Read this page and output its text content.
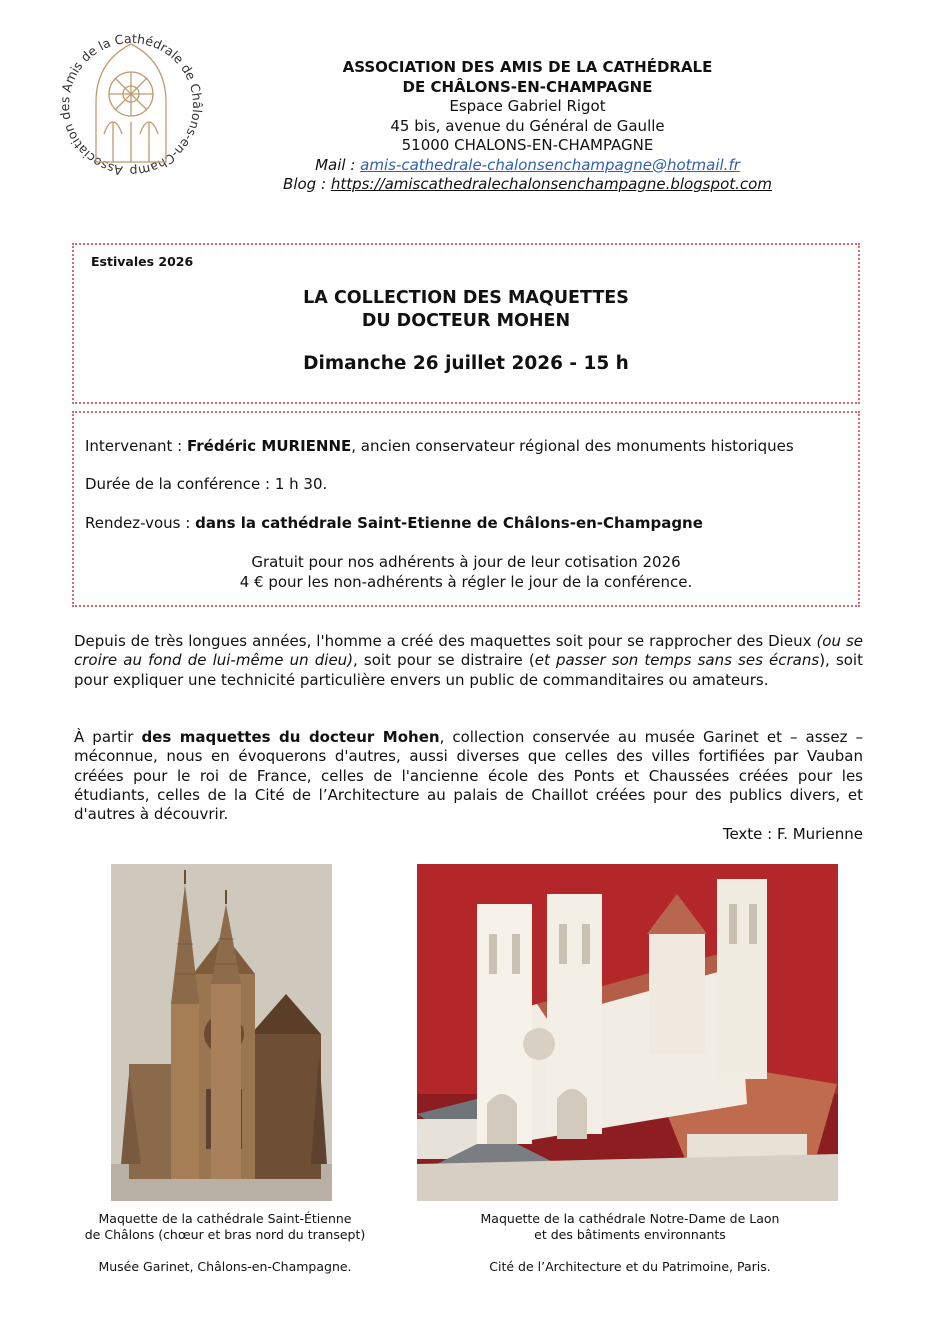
Association des Amis de la Cathédrale de Châlons-en-Champ
ASSOCIATION DES AMIS DE LA CATHÉDRALE
DE CHÂLONS-EN-CHAMPAGNE
Espace Gabriel Rigot
45 bis, avenue du Général de Gaulle
51000 CHALONS-EN-CHAMPAGNE
Mail : amis-cathedrale-chalonsenchampagne@hotmail.fr
Blog : https://amiscathedralechalonsenchampagne.blogspot.com
Estivales 2026
LA COLLECTION DES MAQUETTES
DU DOCTEUR MOHEN
Dimanche 26 juillet 2026 - 15 h
Intervenant : Frédéric MURIENNE, ancien conservateur régional des monuments historiques
Durée de la conférence : 1 h 30.
Rendez-vous : dans la cathédrale Saint-Etienne de Châlons-en-Champagne
Gratuit pour nos adhérents à jour de leur cotisation 2026
4 € pour les non-adhérents à régler le jour de la conférence.
Depuis de très longues années, l'homme a créé des maquettes soit pour se rapprocher des Dieux (ou se croire au fond de lui-même un dieu), soit pour se distraire (et passer son temps sans ses écrans), soit pour expliquer une technicité particulière envers un public de commanditaires ou amateurs.
À partir des maquettes du docteur Mohen, collection conservée au musée Garinet et – assez – méconnue, nous en évoquerons d'autres, aussi diverses que celles des villes fortifiées par Vauban créées pour le roi de France, celles de l'ancienne école des Ponts et Chaussées créées pour les étudiants, celles de la Cité de l’Architecture au palais de Chaillot créées pour des publics divers, et d'autres à découvrir.
Texte : F. Murienne
Maquette de la cathédrale Saint-Étienne
de Châlons (chœur et bras nord du transept)
Maquette de la cathédrale Notre-Dame de Laon
et des bâtiments environnants
Musée Garinet, Châlons-en-Champagne.	Cité de l’Architecture et du Patrimoine, Paris.
